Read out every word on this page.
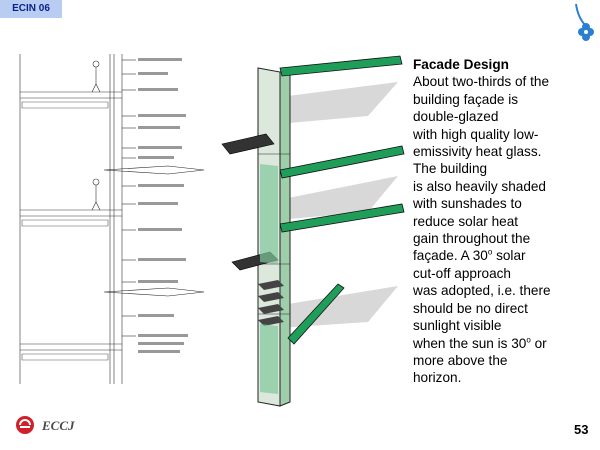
ECIN 06
Facade Design
About two-thirds of the
building façade is
double-glazed
with high quality low-
emissivity heat glass.
The building
is also heavily shaded
with sunshades to
reduce solar heat
gain throughout the
façade. A 30$^o$ solar
cut-off approach
was adopted, i.e. there
should be no direct
sunlight visible
when the sun is 30$^o$ or
more above the
horizon.
ECCJ	53
